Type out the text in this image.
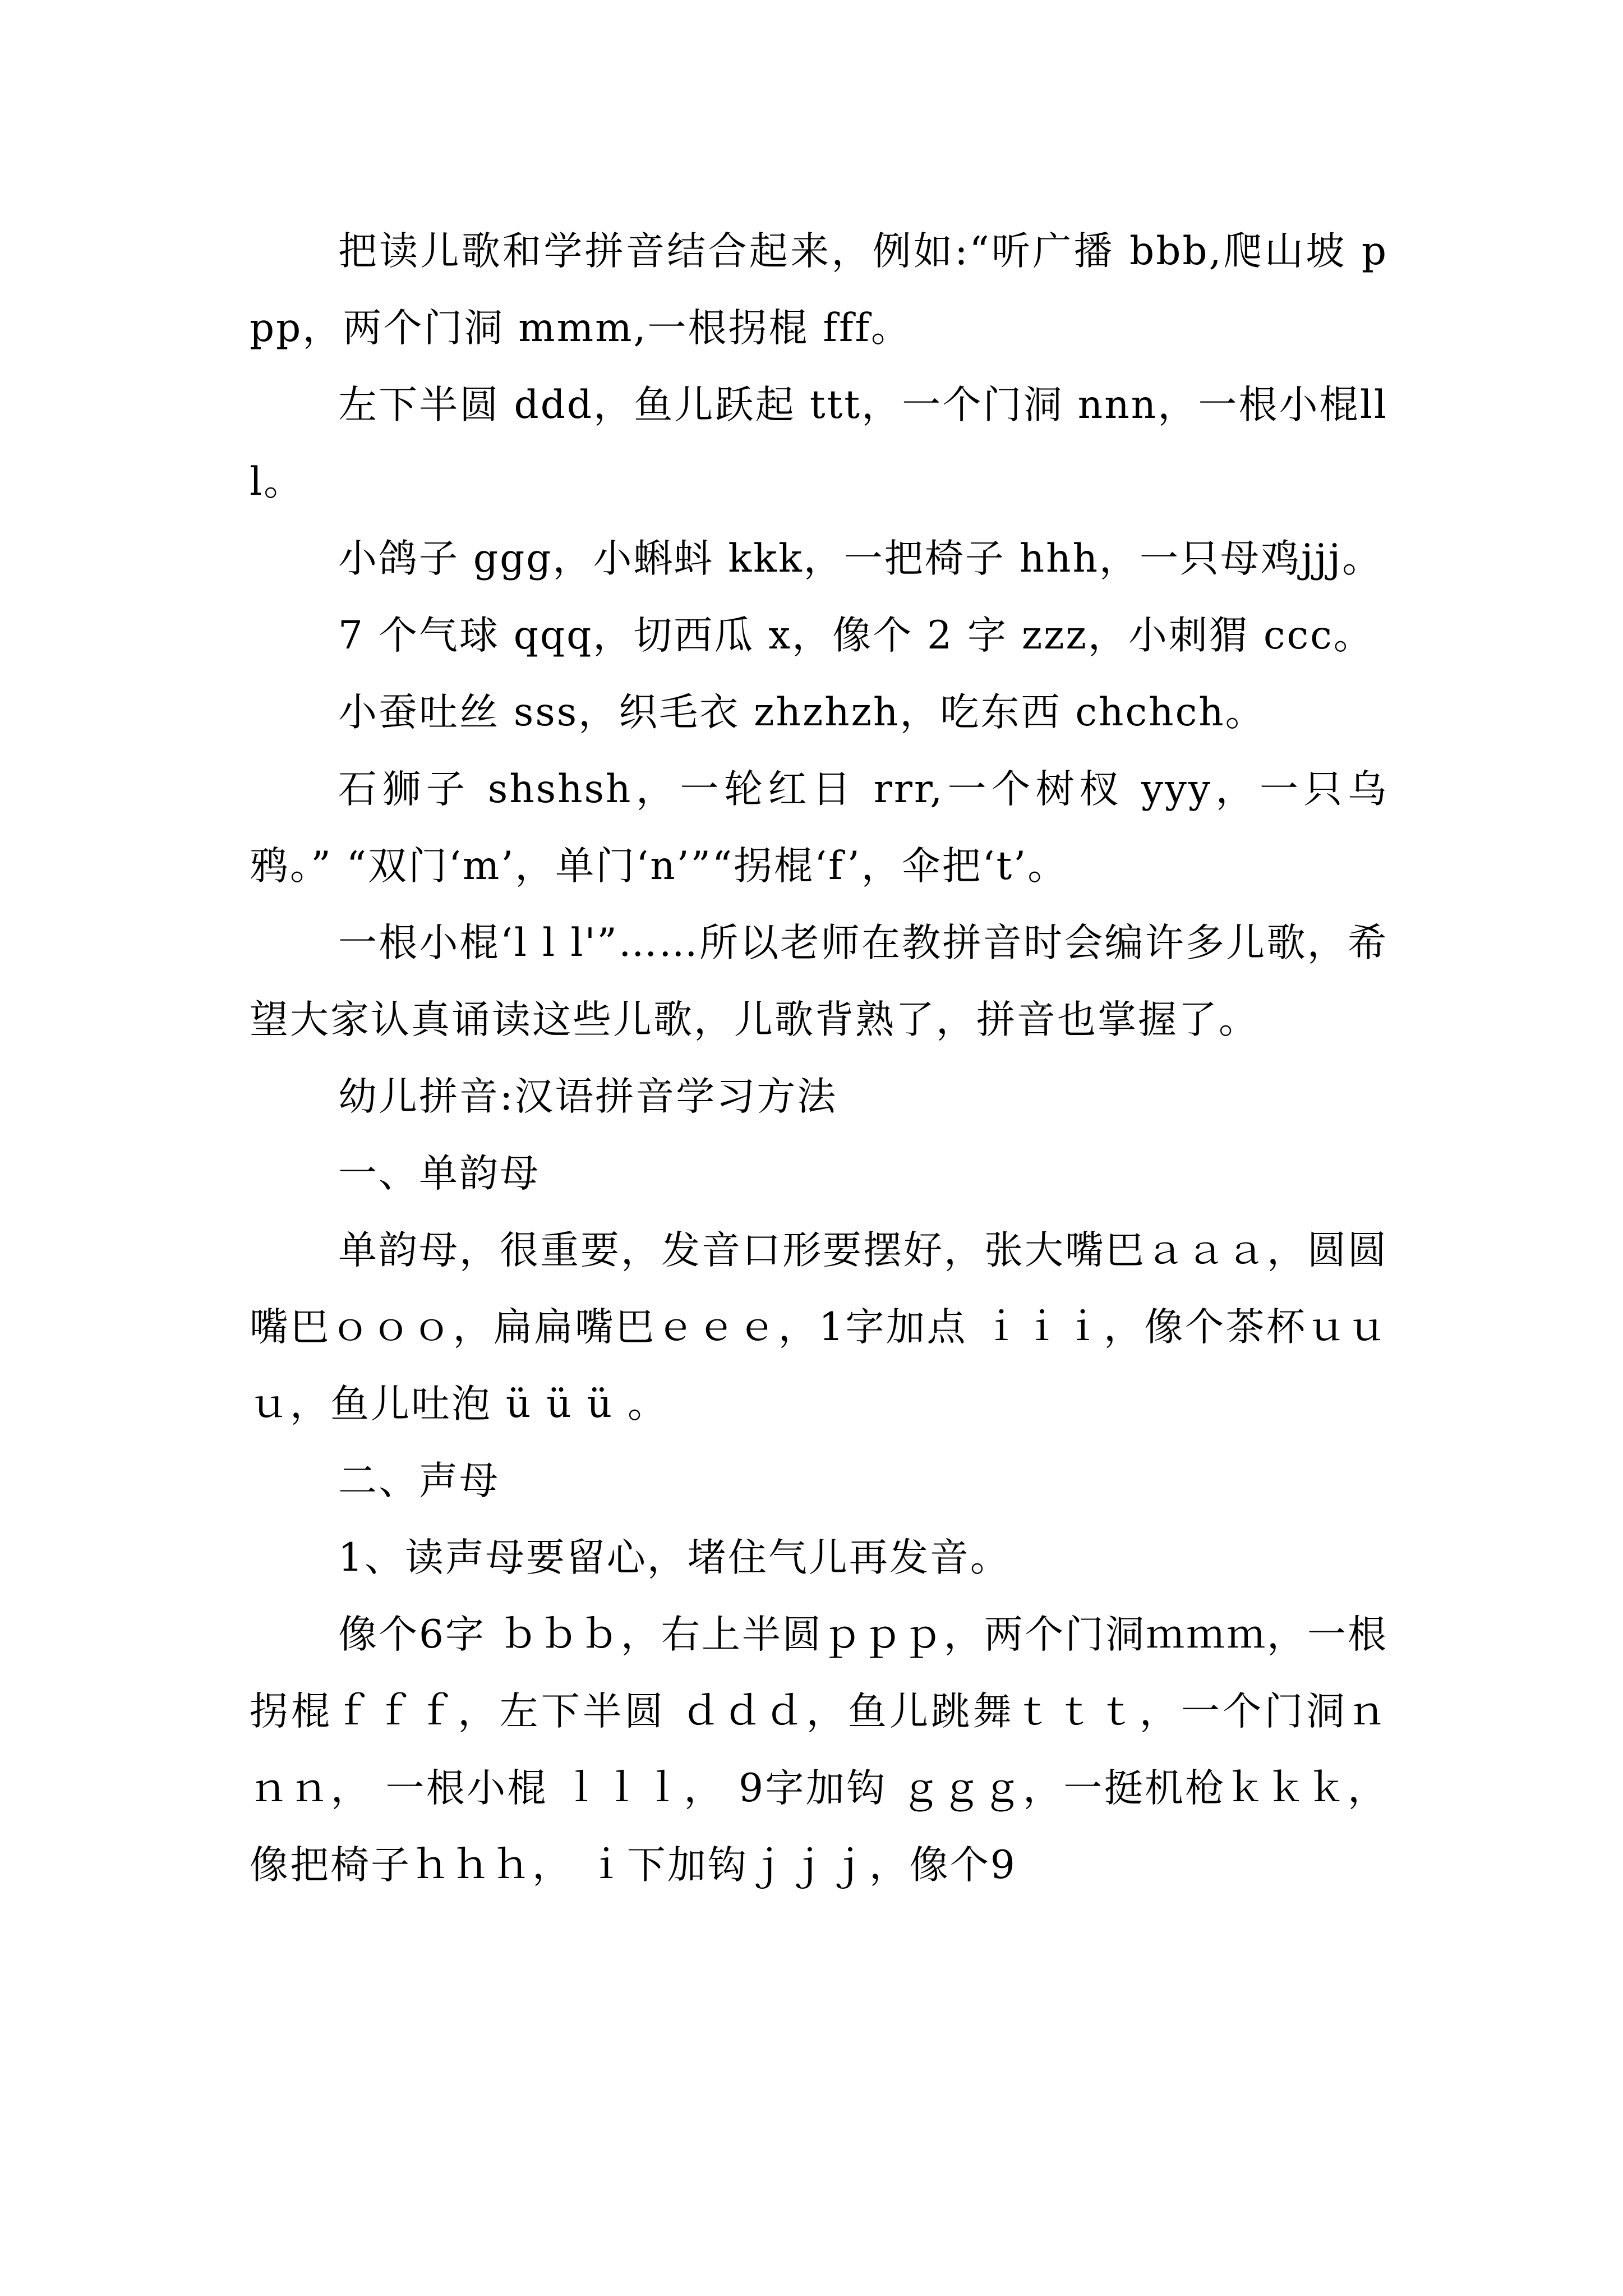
把读儿歌和学拼音结合起来，例如:“听广播 bbb,爬山坡 ppp，两个门洞 mmm,一根拐棍 fff。

左下半圆 ddd，鱼儿跃起 ttt，一个门洞 nnn，一根小棍lll。

小鸽子 ggg，小蝌蚪 kkk，一把椅子 hhh，一只母鸡jjj。

7 个气球 qqq，切西瓜 x，像个 2 字 zzz，小刺猬 ccc。

小蚕吐丝 sss，织毛衣 zhzhzh，吃东西 chchch。

石狮子 shshsh，一轮红日 rrr,一个树杈 yyy，一只乌鸦。” “双门‘m’，单门‘n’”“拐棍‘f’，伞把‘t’。

一根小棍‘l l l'”……所以老师在教拼音时会编许多儿歌，希望大家认真诵读这些儿歌，儿歌背熟了，拼音也掌握了。

幼儿拼音:汉语拼音学习方法

一、单韵母

单韵母，很重要，发音口形要摆好，张大嘴巴ａａａ，圆圆嘴巴ｏｏｏ，扁扁嘴巴ｅｅｅ，1字加点 ｉｉｉ，像个茶杯ｕｕｕ，鱼儿吐泡 ü ü ü 。

二、声母

1、读声母要留心，堵住气儿再发音。

像个6字 ｂｂｂ，右上半圆ｐｐｐ，两个门洞ｍｍｍ，一根拐棍ｆｆｆ，左下半圆 ｄｄｄ，鱼儿跳舞ｔｔｔ，一个门洞ｎｎｎ， 一根小棍 ｌｌｌ， 9字加钩 ｇｇｇ，一挺机枪ｋｋｋ，像把椅子ｈｈｈ， ｉ下加钩ｊｊｊ，像个9
